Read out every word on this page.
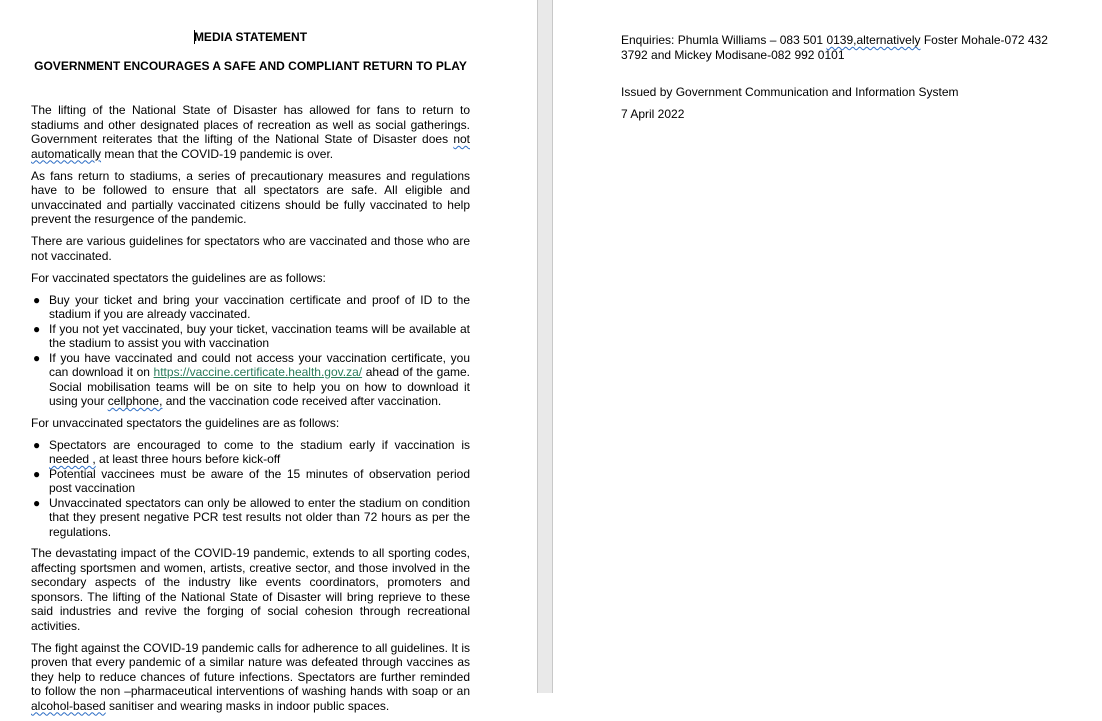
MEDIA STATEMENT
GOVERNMENT ENCOURAGES A SAFE AND COMPLIANT RETURN TO PLAY

The lifting of the National State of Disaster has allowed for fans to return to stadiums and other designated places of recreation as well as social gatherings. Government reiterates that the lifting of the National State of Disaster does not automatically mean that the COVID-19 pandemic is over.

As fans return to stadiums, a series of precautionary measures and regulations have to be followed to ensure that all spectators are safe. All eligible and unvaccinated and partially vaccinated citizens should be fully vaccinated to help prevent the resurgence of the pandemic.

There are various guidelines for spectators who are vaccinated and those who are not vaccinated.

For vaccinated spectators the guidelines are as follows:

● Buy your ticket and bring your vaccination certificate and proof of ID to the stadium if you are already vaccinated.
● If you not yet vaccinated, buy your ticket, vaccination teams will be available at the stadium to assist you with vaccination
● If you have vaccinated and could not access your vaccination certificate, you can download it on https://vaccine.certificate.health.gov.za/ ahead of the game. Social mobilisation teams will be on site to help you on how to download it using your cellphone, and the vaccination code received after vaccination.

For unvaccinated spectators the guidelines are as follows:

● Spectators are encouraged to come to the stadium early if vaccination is needed , at least three hours before kick-off
● Potential vaccinees must be aware of the 15 minutes of observation period post vaccination
● Unvaccinated spectators can only be allowed to enter the stadium on condition that they present negative PCR test results not older than 72 hours as per the regulations.

The devastating impact of the COVID-19 pandemic, extends to all sporting codes, affecting sportsmen and women, artists, creative sector, and those involved in the secondary aspects of the industry like events coordinators, promoters and sponsors. The lifting of the National State of Disaster will bring reprieve to these said industries and revive the forging of social cohesion through recreational activities.

The fight against the COVID-19 pandemic calls for adherence to all guidelines. It is proven that every pandemic of a similar nature was defeated through vaccines as they help to reduce chances of future infections. Spectators are further reminded to follow the non –pharmaceutical interventions of washing hands with soap or an alcohol-based sanitiser and wearing masks in indoor public spaces.

Enquiries: Phumla Williams – 083 501 0139,alternatively Foster Mohale-072 432 3792 and Mickey Modisane-082 992 0101

Issued by Government Communication and Information System

7 April 2022
